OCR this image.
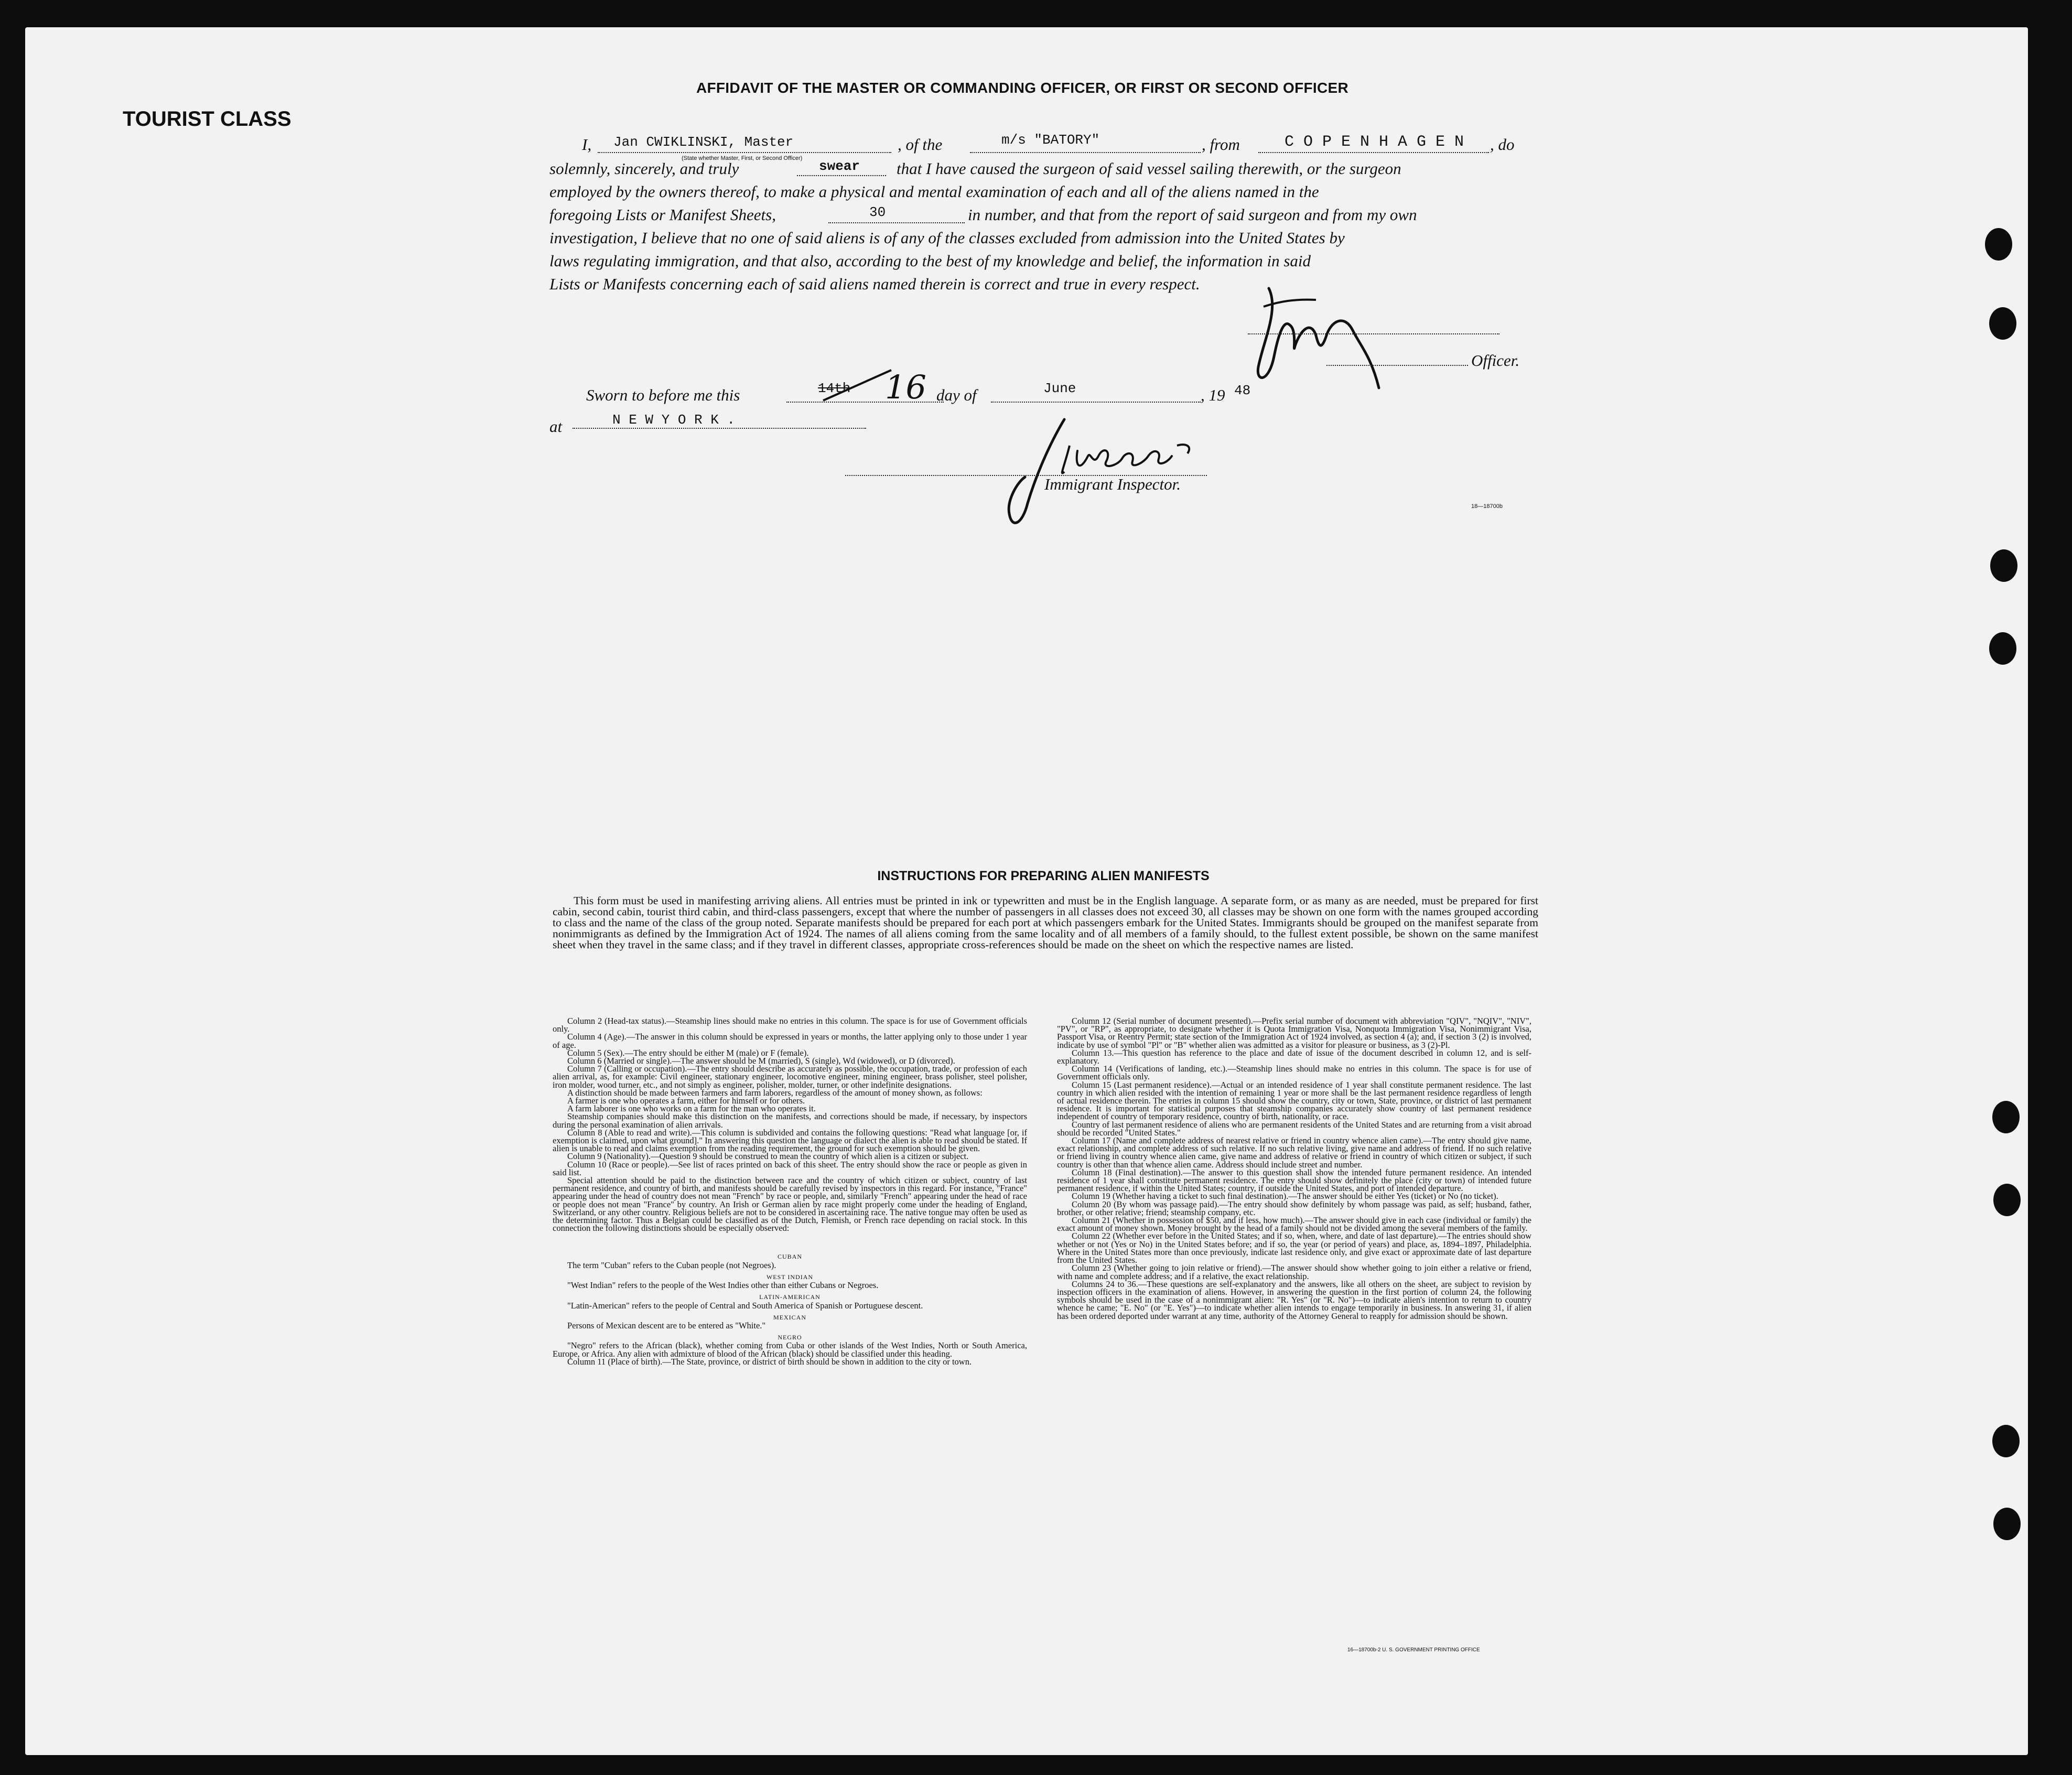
TOURIST CLASS
AFFIDAVIT OF THE MASTER OR COMMANDING OFFICER, OR FIRST OR SECOND OFFICER
I, Jan CWIKLINSKI, Master	, of the	m/s "BATORY"	, from	C O P E N H A G E N , do
(State whether Master, First, or Second Officer)
solemnly, sincerely, and truly	swear that I have caused the surgeon of said vessel sailing therewith, or the surgeon
employed by the owners thereof, to make a physical and mental examination of each and all of the aliens named in the
foregoing Lists or Manifest Sheets,	30	in number, and that from the report of said surgeon and from my own
investigation, I believe that no one of said aliens is of any of the classes excluded from admission into the United States by
laws regulating immigration, and that also, according to the best of my knowledge and belief, the information in said
Lists or Manifests concerning each of said aliens named therein is correct and true in every respect.
Officer.
Sworn to before me this	14th 16 day of	June	, 19 48
at	N E W Y O R K .
Immigrant Inspector.
18—18700b
INSTRUCTIONS FOR PREPARING ALIEN MANIFESTS
This form must be used in manifesting arriving aliens. All entries must be printed in ink or typewritten and must be in the English language. A separate form, or as many as are needed, must be prepared for first cabin, second cabin, tourist third cabin, and third-class passengers, except that where the number of passengers in all classes does not exceed 30, all classes may be shown on one form with the names grouped according to class and the name of the class of the group noted. Separate manifests should be prepared for each port at which passengers embark for the United States. Immigrants should be grouped on the manifest separate from nonimmigrants as defined by the Immigration Act of 1924. The names of all aliens coming from the same locality and of all members of a family should, to the fullest extent possible, be shown on the same manifest sheet when they travel in the same class; and if they travel in different classes, appropriate cross-references should be made on the sheet on which the respective names are listed.

Column 2 (Head-tax status).—Steamship lines should make no entries in this column. The space is for use of Government officials only.

Column 4 (Age).—The answer in this column should be expressed in years or months, the latter applying only to those under 1 year of age.

Column 5 (Sex).—The entry should be either M (male) or F (female).

Column 6 (Married or single).—The answer should be M (married), S (single), Wd (widowed), or D (divorced).

Column 7 (Calling or occupation).—The entry should describe as accurately as possible, the occupation, trade, or profession of each alien arrival, as, for example: Civil engineer, stationary engineer, locomotive engineer, mining engineer, brass polisher, steel polisher, iron molder, wood turner, etc., and not simply as engineer, polisher, molder, turner, or other indefinite designations.

A distinction should be made between farmers and farm laborers, regardless of the amount of money shown, as follows:

A farmer is one who operates a farm, either for himself or for others.

A farm laborer is one who works on a farm for the man who operates it.

Steamship companies should make this distinction on the manifests, and corrections should be made, if necessary, by inspectors during the personal examination of alien arrivals.

Column 8 (Able to read and write).—This column is subdivided and contains the following questions: "Read what language [or, if exemption is claimed, upon what ground]." In answering this question the language or dialect the alien is able to read should be stated. If alien is unable to read and claims exemption from the reading requirement, the ground for such exemption should be given.

Column 9 (Nationality).—Question 9 should be construed to mean the country of which alien is a citizen or subject.

Column 10 (Race or people).—See list of races printed on back of this sheet. The entry should show the race or people as given in said list.

Special attention should be paid to the distinction between race and the country of which citizen or subject, country of last permanent residence, and country of birth, and manifests should be carefully revised by inspectors in this regard. For instance, "France" appearing under the head of country does not mean "French" by race or people, and, similarly "French" appearing under the head of race or people does not mean "France" by country. An Irish or German alien by race might properly come under the heading of England, Switzerland, or any other country. Religious beliefs are not to be considered in ascertaining race. The native tongue may often be used as the determining factor. Thus a Belgian could be classified as of the Dutch, Flemish, or French race depending on racial stock. In this connection the following distinctions should be especially observed:

CUBAN

The term "Cuban" refers to the Cuban people (not Negroes).

WEST INDIAN

"West Indian" refers to the people of the West Indies other than either Cubans or Negroes.

LATIN-AMERICAN

"Latin-American" refers to the people of Central and South America of Spanish or Portuguese descent.

MEXICAN

Persons of Mexican descent are to be entered as "White."

NEGRO

"Negro" refers to the African (black), whether coming from Cuba or other islands of the West Indies, North or South America, Europe, or Africa. Any alien with admixture of blood of the African (black) should be classified under this heading.

Column 11 (Place of birth).—The State, province, or district of birth should be shown in addition to the city or town.

Column 12 (Serial number of document presented).—Prefix serial number of document with abbreviation "QIV", "NQIV", "NIV", "PV", or "RP", as appropriate, to designate whether it is Quota Immigration Visa, Nonquota Immigration Visa, Nonimmigrant Visa, Passport Visa, or Reentry Permit; state section of the Immigration Act of 1924 involved, as section 4 (a); and, if section 3 (2) is involved, indicate by use of symbol "Pl" or "B" whether alien was admitted as a visitor for pleasure or business, as 3 (2)-Pl.

Column 13.—This question has reference to the place and date of issue of the document described in column 12, and is self-explanatory.

Column 14 (Verifications of landing, etc.).—Steamship lines should make no entries in this column. The space is for use of Government officials only.

Column 15 (Last permanent residence).—Actual or an intended residence of 1 year shall constitute permanent residence. The last country in which alien resided with the intention of remaining 1 year or more shall be the last permanent residence regardless of length of actual residence therein. The entries in column 15 should show the country, city or town, State, province, or district of last permanent residence. It is important for statistical purposes that steamship companies accurately show country of last permanent residence independent of country of temporary residence, country of birth, nationality, or race.

Country of last permanent residence of aliens who are permanent residents of the United States and are returning from a visit abroad should be recorded "United States."

Column 17 (Name and complete address of nearest relative or friend in country whence alien came).—The entry should give name, exact relationship, and complete address of such relative. If no such relative living, give name and address of friend. If no such relative or friend living in country whence alien came, give name and address of relative or friend in country of which citizen or subject, if such country is other than that whence alien came. Address should include street and number.

Column 18 (Final destination).—The answer to this question shall show the intended future permanent residence. An intended residence of 1 year shall constitute permanent residence. The entry should show definitely the place (city or town) of intended future permanent residence, if within the United States; country, if outside the United States, and port of intended departure.

Column 19 (Whether having a ticket to such final destination).—The answer should be either Yes (ticket) or No (no ticket).

Column 20 (By whom was passage paid).—The entry should show definitely by whom passage was paid, as self; husband, father, brother, or other relative; friend; steamship company, etc.

Column 21 (Whether in possession of $50, and if less, how much).—The answer should give in each case (individual or family) the exact amount of money shown. Money brought by the head of a family should not be divided among the several members of the family.

Column 22 (Whether ever before in the United States; and if so, when, where, and date of last departure).—The entries should show whether or not (Yes or No) in the United States before; and if so, the year (or period of years) and place, as, 1894–1897, Philadelphia. Where in the United States more than once previously, indicate last residence only, and give exact or approximate date of last departure from the United States.

Column 23 (Whether going to join relative or friend).—The answer should show whether going to join either a relative or friend, with name and complete address; and if a relative, the exact relationship.

Columns 24 to 36.—These questions are self-explanatory and the answers, like all others on the sheet, are subject to revision by inspection officers in the examination of aliens. However, in answering the question in the first portion of column 24, the following symbols should be used in the case of a nonimmigrant alien: "R. Yes" (or "R. No")—to indicate alien's intention to return to country whence he came; "E. No" (or "E. Yes")—to indicate whether alien intends to engage temporarily in business. In answering 31, if alien has been ordered deported under warrant at any time, authority of the Attorney General to reapply for admission should be shown.

16—18700b-2 U. S. GOVERNMENT PRINTING OFFICE
